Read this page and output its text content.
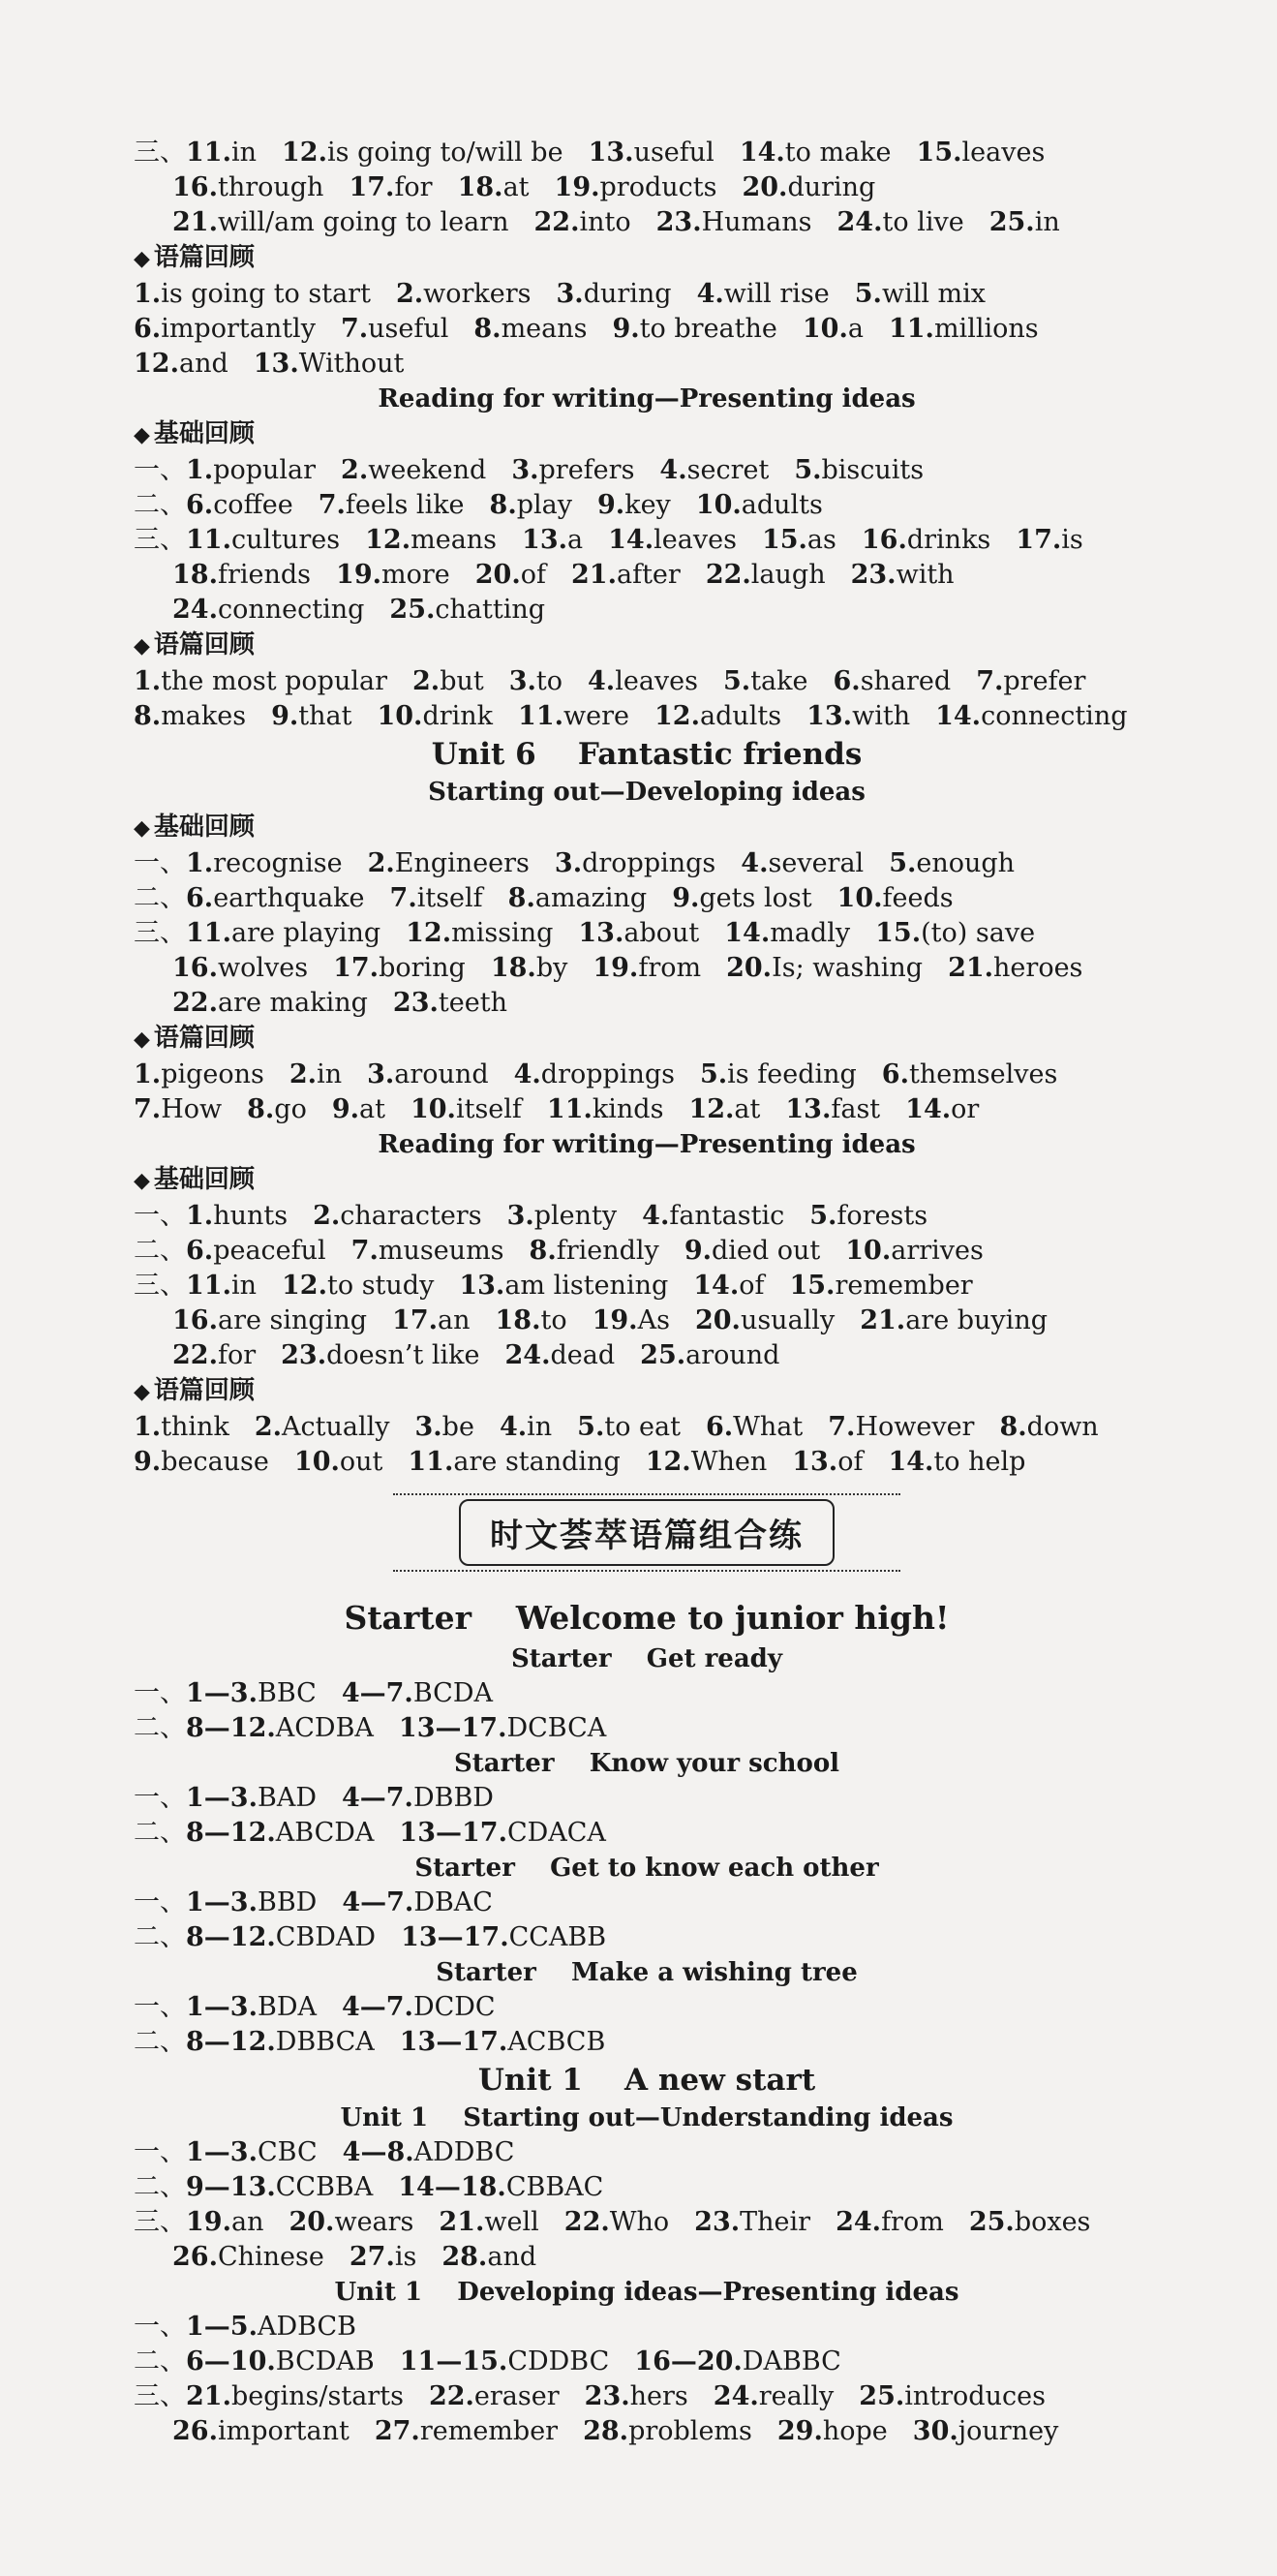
三、11.in 12.is going to/will be 13.useful 14.to make 15.leaves
16.through 17.for 18.at 19.products 20.during
21.will/am going to learn 22.into 23.Humans 24.to live 25.in
◆ 语篇回顾
1.is going to start 2.workers 3.during 4.will rise 5.will mix
6.importantly 7.useful 8.means 9.to breathe 10.a 11.millions
12.and 13.Without
Reading for writing—Presenting ideas
◆ 基础回顾
一、1.popular 2.weekend 3.prefers 4.secret 5.biscuits
二、6.coffee 7.feels like 8.play 9.key 10.adults
三、11.cultures 12.means 13.a 14.leaves 15.as 16.drinks 17.is
18.friends 19.more 20.of 21.after 22.laugh 23.with
24.connecting 25.chatting
◆ 语篇回顾
1.the most popular 2.but 3.to 4.leaves 5.take 6.shared 7.prefer
8.makes 9.that 10.drink 11.were 12.adults 13.with 14.connecting
Unit 6    Fantastic friends
Starting out—Developing ideas
◆ 基础回顾
一、1.recognise 2.Engineers 3.droppings 4.several 5.enough
二、6.earthquake 7.itself 8.amazing 9.gets lost 10.feeds
三、11.are playing 12.missing 13.about 14.madly 15.(to) save
16.wolves 17.boring 18.by 19.from 20.Is; washing 21.heroes
22.are making 23.teeth
◆ 语篇回顾
1.pigeons 2.in 3.around 4.droppings 5.is feeding 6.themselves
7.How 8.go 9.at 10.itself 11.kinds 12.at 13.fast 14.or
Reading for writing—Presenting ideas
◆ 基础回顾
一、1.hunts 2.characters 3.plenty 4.fantastic 5.forests
二、6.peaceful 7.museums 8.friendly 9.died out 10.arrives
三、11.in 12.to study 13.am listening 14.of 15.remember
16.are singing 17.an 18.to 19.As 20.usually 21.are buying
22.for 23.doesn’t like 24.dead 25.around
◆ 语篇回顾
1.think 2.Actually 3.be 4.in 5.to eat 6.What 7.However 8.down
9.because 10.out 11.are standing 12.When 13.of 14.to help
时文荟萃语篇组合练
Starter    Welcome to junior high!
Starter    Get ready
一、1—3.BBC 4—7.BCDA
二、8—12.ACDBA 13—17.DCBCA
Starter    Know your school
一、1—3.BAD 4—7.DBBD
二、8—12.ABCDA 13—17.CDACA
Starter    Get to know each other
一、1—3.BBD 4—7.DBAC
二、8—12.CBDAD 13—17.CCABB
Starter    Make a wishing tree
一、1—3.BDA 4—7.DCDC
二、8—12.DBBCA 13—17.ACBCB
Unit 1    A new start
Unit 1    Starting out—Understanding ideas
一、1—3.CBC 4—8.ADDBC
二、9—13.CCBBA 14—18.CBBAC
三、19.an 20.wears 21.well 22.Who 23.Their 24.from 25.boxes
26.Chinese 27.is 28.and
Unit 1    Developing ideas—Presenting ideas
一、1—5.ADBCB
二、6—10.BCDAB 11—15.CDDBC 16—20.DABBC
三、21.begins/starts 22.eraser 23.hers 24.really 25.introduces
26.important 27.remember 28.problems 29.hope 30.journey
